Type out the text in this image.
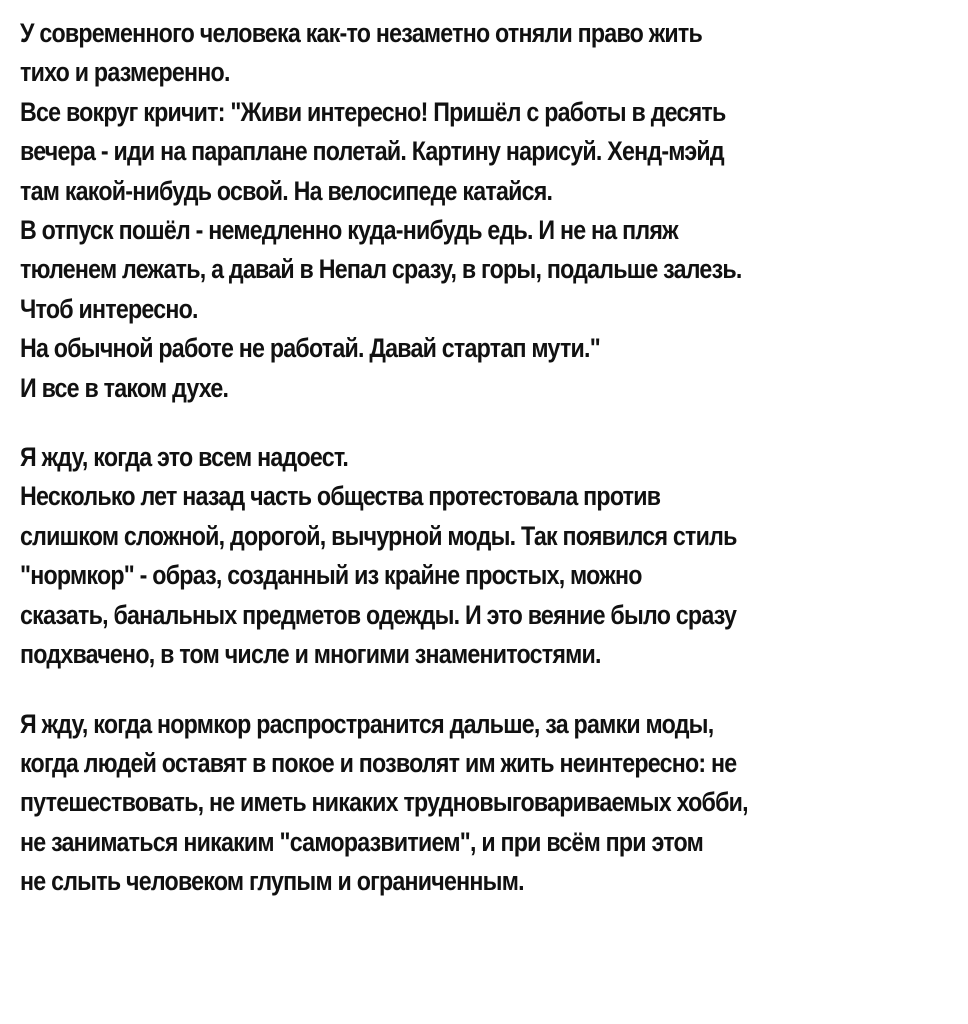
У современного человека как-то незаметно отняли право жить
тихо и размеренно.
Все вокруг кричит: "Живи интересно! Пришёл с работы в десять
вечера - иди на параплане полетай. Картину нарисуй. Хенд-мэйд
там какой-нибудь освой. На велосипеде катайся.
В отпуск пошёл - немедленно куда-нибудь едь. И не на пляж
тюленем лежать, а давай в Непал сразу, в горы, подальше залезь.
Чтоб интересно.
На обычной работе не работай. Давай стартап мути."
И все в таком духе.

Я жду, когда это всем надоест.
Несколько лет назад часть общества протестовала против
слишком сложной, дорогой, вычурной моды. Так появился стиль
"нормкор" - образ, созданный из крайне простых, можно
сказать, банальных предметов одежды. И это веяние было сразу
подхвачено, в том числе и многими знаменитостями.

Я жду, когда нормкор распространится дальше, за рамки моды,
когда людей оставят в покое и позволят им жить неинтересно: не
путешествовать, не иметь никаких трудновыговариваемых хобби,
не заниматься никаким "саморазвитием", и при всём при этом
не слыть человеком глупым и ограниченным.
